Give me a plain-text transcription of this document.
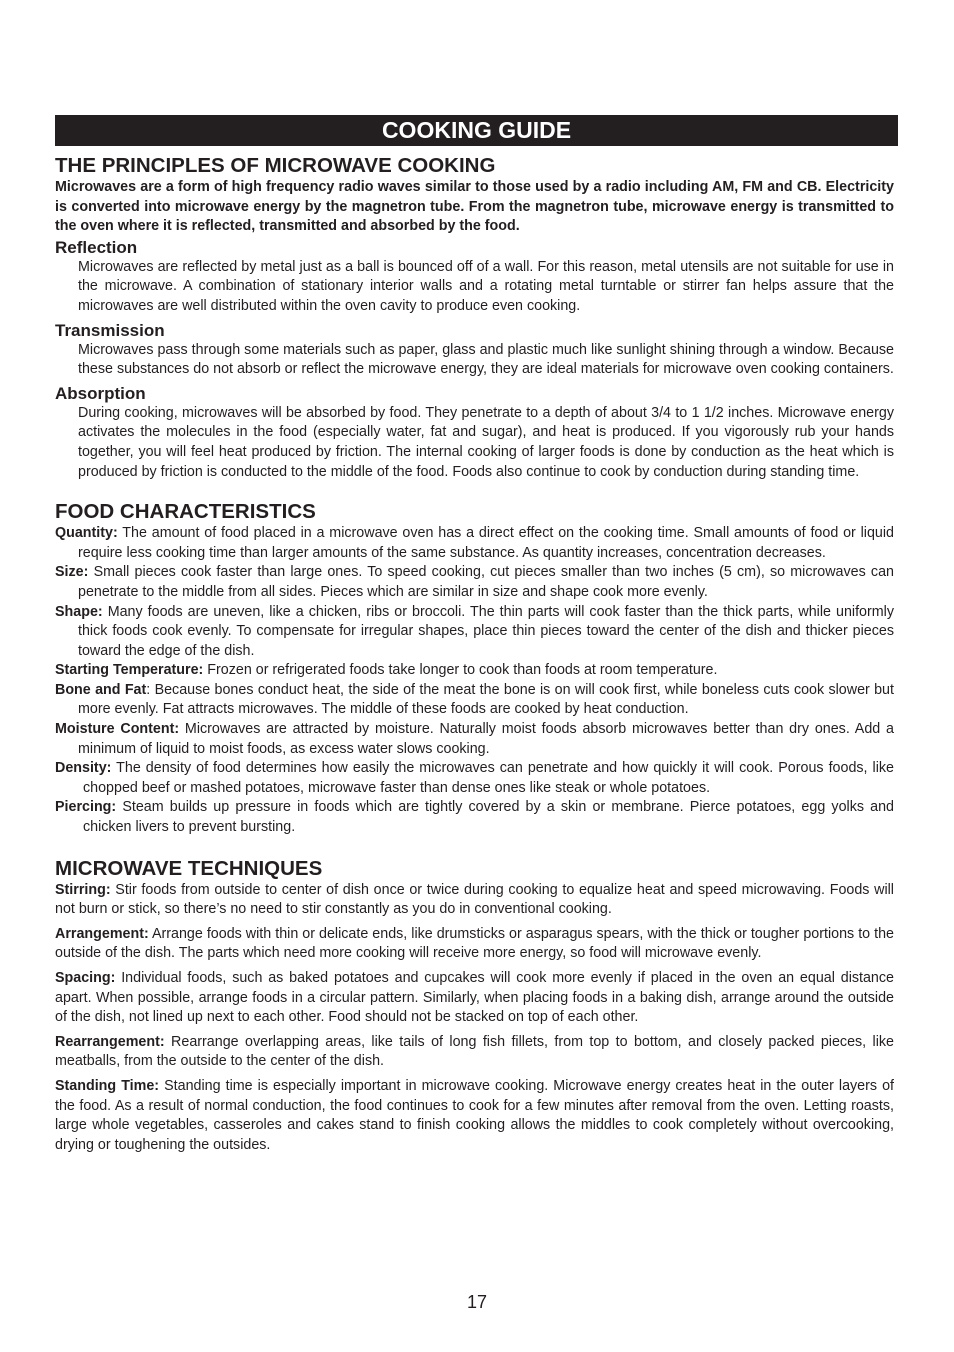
COOKING GUIDE
THE PRINCIPLES OF MICROWAVE COOKING

Microwaves are a form of high frequency radio waves similar to those used by a radio including AM, FM and CB. Electricity is converted into microwave energy by the magnetron tube. From the magnetron tube, microwave energy is transmitted to the oven where it is reflected, transmitted and absorbed by the food.

Reflection

Microwaves are reflected by metal just as a ball is bounced off of a wall. For this reason, metal utensils are not suitable for use in the microwave. A combination of stationary interior walls and a rotating metal turntable or stirrer fan helps assure that the microwaves are well distributed within the oven cavity to produce even cooking.

Transmission

Microwaves pass through some materials such as paper, glass and plastic much like sunlight shining through a window. Because these substances do not absorb or reflect the microwave energy, they are ideal materials for microwave oven cooking containers.

Absorption

During cooking, microwaves will be absorbed by food. They penetrate to a depth of about 3/4 to 1 1/2 inches. Microwave energy activates the molecules in the food (especially water, fat and sugar), and heat is produced. If you vigorously rub your hands together, you will feel heat produced by friction. The internal cooking of larger foods is done by conduction as the heat which is produced by friction is conducted to the middle of the food. Foods also continue to cook by conduction during standing time.

FOOD CHARACTERISTICS

Quantity: The amount of food placed in a microwave oven has a direct effect on the cooking time. Small amounts of food or liquid require less cooking time than larger amounts of the same substance. As quantity increases, concentration decreases.

Size: Small pieces cook faster than large ones. To speed cooking, cut pieces smaller than two inches (5 cm), so microwaves can penetrate to the middle from all sides. Pieces which are similar in size and shape cook more evenly.

Shape: Many foods are uneven, like a chicken, ribs or broccoli. The thin parts will cook faster than the thick parts, while uniformly thick foods cook evenly. To compensate for irregular shapes, place thin pieces toward the center of the dish and thicker pieces toward the edge of the dish.

Starting Temperature: Frozen or refrigerated foods take longer to cook than foods at room temperature.

Bone and Fat: Because bones conduct heat, the side of the meat the bone is on will cook first, while boneless cuts cook slower but more evenly. Fat attracts microwaves. The middle of these foods are cooked by heat conduction.

Moisture Content: Microwaves are attracted by moisture. Naturally moist foods absorb microwaves better than dry ones. Add a minimum of liquid to moist foods, as excess water slows cooking.

Density: The density of food determines how easily the microwaves can penetrate and how quickly it will cook. Porous foods, like chopped beef or mashed potatoes, microwave faster than dense ones like steak or whole potatoes.

Piercing: Steam builds up pressure in foods which are tightly covered by a skin or membrane. Pierce potatoes, egg yolks and chicken livers to prevent bursting.

MICROWAVE TECHNIQUES

Stirring: Stir foods from outside to center of dish once or twice during cooking to equalize heat and speed microwaving. Foods will not burn or stick, so there’s no need to stir constantly as you do in conventional cooking.

Arrangement: Arrange foods with thin or delicate ends, like drumsticks or asparagus spears, with the thick or tougher portions to the outside of the dish. The parts which need more cooking will receive more energy, so food will microwave evenly.

Spacing: Individual foods, such as baked potatoes and cupcakes will cook more evenly if placed in the oven an equal distance apart. When possible, arrange foods in a circular pattern. Similarly, when placing foods in a baking dish, arrange around the outside of the dish, not lined up next to each other. Food should not be stacked on top of each other.

Rearrangement: Rearrange overlapping areas, like tails of long fish fillets, from top to bottom, and closely packed pieces, like meatballs, from the outside to the center of the dish.

Standing Time: Standing time is especially important in microwave cooking. Microwave energy creates heat in the outer layers of the food. As a result of normal conduction, the food continues to cook for a few minutes after removal from the oven. Letting roasts, large whole vegetables, casseroles and cakes stand to finish cooking allows the middles to cook completely without overcooking, drying or toughening the outsides.

17
